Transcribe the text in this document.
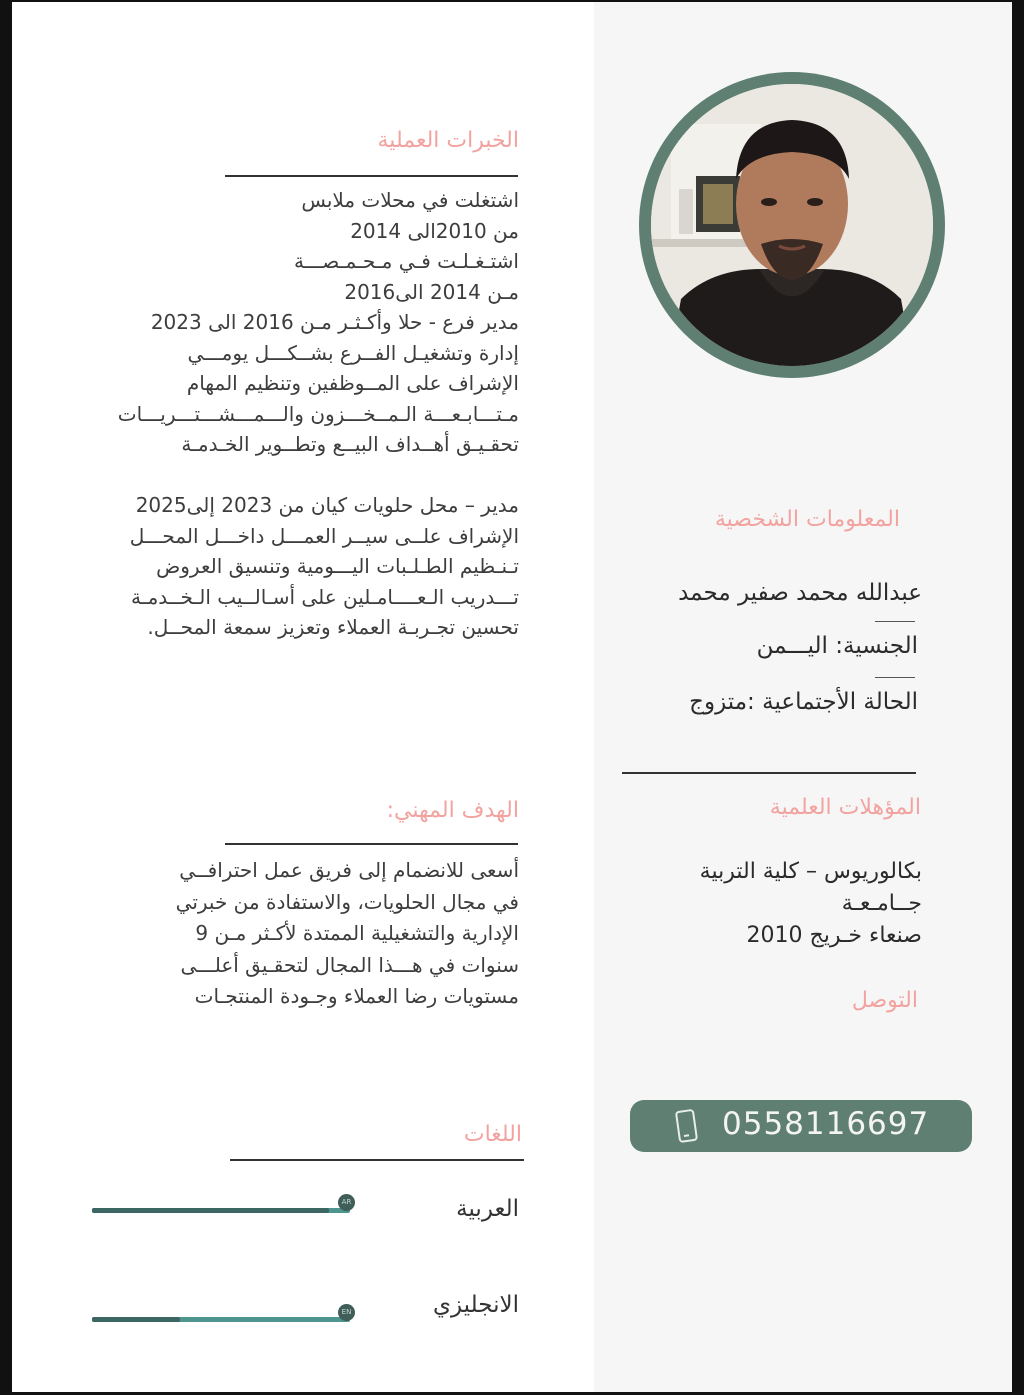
الخبرات العملية
اشتغلت في محلات ملابس
من 2010الى 2014
اشتـغـلـت فـي مـحـمـصـــة
مـن 2014 الى2016
مدير فرع - حلا وأكـثـر مـن 2016 الى 2023
إدارة وتشغيـل الفــرع بشــكـــل يومـــي
الإشراف على المــوظفين وتنظيم المهام
مـتـــابـعـــة الـمــخـــزون والـــمـــشـــتـــريـــات
تحقـيـق أهــداف البيــع وتطــوير الخـدمـة
مدير – محل حلويات كيان من 2023 إلى2025
الإشراف علــى سيــر العمـــل داخـــل المحـــل
تـنـظيم الطـلـبات اليـــومية وتنسيق العروض
تـــدريب الـعــــامـلين على أسـالــيب الـخــدمـة
تحسين تجـربـة العملاء وتعزيز سمعة المحــل.
الهدف المهني:
أسعى للانضمام إلى فريق عمل احترافــي
في مجال الحلويات، والاستفادة من خبرتي
الإدارية والتشغيلية الممتدة لأكـثر مـن 9
سنوات في هـــذا المجال لتحقـيق أعلـــى
مستويات رضا العملاء وجـودة المنتجـات
اللغات
العربية
AR
الانجليزي
EN
المعلومات الشخصية
عبدالله محمد صفير محمد
الجنسية: اليـــمن
الحالة الأجتماعية :متزوج
المؤهلات العلمية
بكالوريوس – كلية التربية
جــامـعـة
صنعاء خـريج 2010
التوصل
0558116697
